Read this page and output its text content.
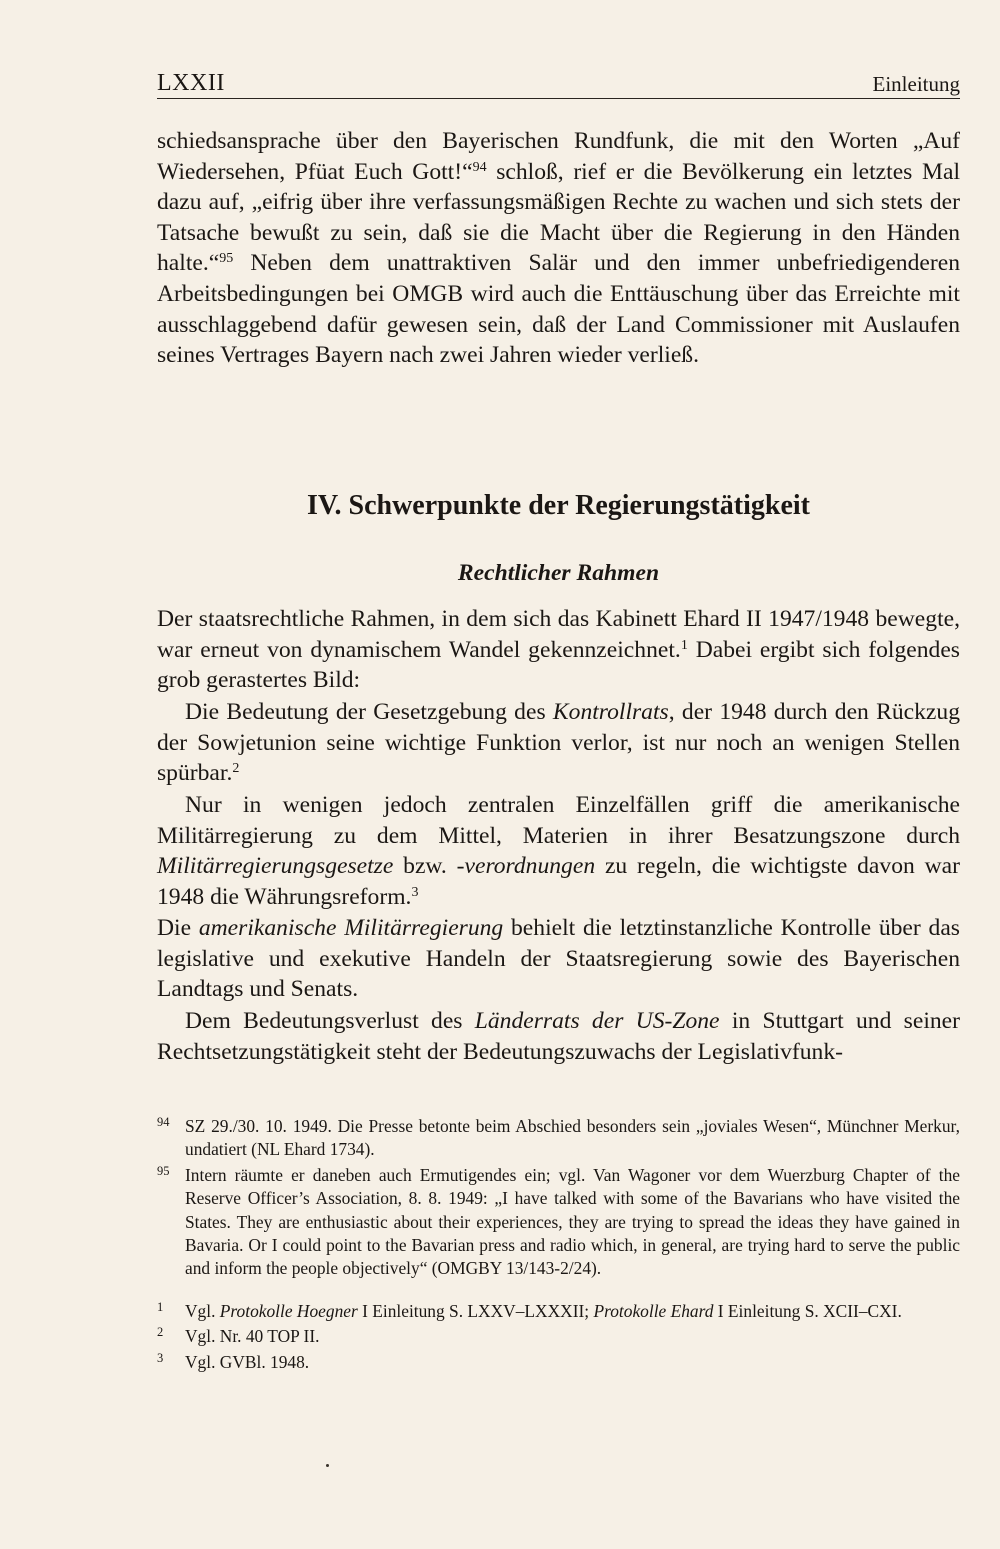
LXXII	Einleitung

schiedsansprache über den Bayerischen Rundfunk, die mit den Worten „Auf Wiedersehen, Pfüat Euch Gott!“$^{94}$ schloß, rief er die Bevölkerung ein letztes Mal dazu auf, „eifrig über ihre verfassungsmäßigen Rechte zu wachen und sich stets der Tatsache bewußt zu sein, daß sie die Macht über die Regierung in den Händen halte.“$^{95}$ Neben dem unattraktiven Salär und den immer unbefriedigenderen Arbeitsbedingungen bei OMGB wird auch die Enttäuschung über das Erreichte mit ausschlaggebend dafür gewesen sein, daß der Land Commissioner mit Auslaufen seines Vertrages Bayern nach zwei Jahren wieder verließ.

IV. Schwerpunkte der Regierungstätigkeit
Rechtlicher Rahmen

Der staatsrechtliche Rahmen, in dem sich das Kabinett Ehard II 1947/1948 bewegte, war erneut von dynamischem Wandel gekennzeichnet.$^1$ Dabei ergibt sich folgendes grob gerastertes Bild:

Die Bedeutung der Gesetzgebung des Kontrollrats, der 1948 durch den Rückzug der Sowjetunion seine wichtige Funktion verlor, ist nur noch an wenigen Stellen spürbar.$^2$

Nur in wenigen jedoch zentralen Einzelfällen griff die amerikanische Militärregierung zu dem Mittel, Materien in ihrer Besatzungszone durch Militärregierungsgesetze bzw. -verordnungen zu regeln, die wichtigste davon war 1948 die Währungsreform.$^3$

Die amerikanische Militärregierung behielt die letztinstanzliche Kontrolle über das legislative und exekutive Handeln der Staatsregierung sowie des Bayerischen Landtags und Senats.

Dem Bedeutungsverlust des Länderrats der US-Zone in Stuttgart und seiner Rechtsetzungstätigkeit steht der Bedeutungszuwachs der Legislativfunk-

94 SZ 29./30. 10. 1949. Die Presse betonte beim Abschied besonders sein „joviales Wesen“, Münchner Merkur, undatiert (NL Ehard 1734).

95 Intern räumte er daneben auch Ermutigendes ein; vgl. Van Wagoner vor dem Wuerzburg Chapter of the Reserve Officer’s Association, 8. 8. 1949: „I have talked with some of the Bavarians who have visited the States. They are enthusiastic about their experiences, they are trying to spread the ideas they have gained in Bavaria. Or I could point to the Bavarian press and radio which, in general, are trying hard to serve the public and inform the people objectively“ (OMGBY 13/143-2/24).

1 Vgl. Protokolle Hoegner I Einleitung S. LXXV–LXXXII; Protokolle Ehard I Einleitung S. XCII–CXI.

2 Vgl. Nr. 40 TOP II.

3 Vgl. GVBl. 1948.
